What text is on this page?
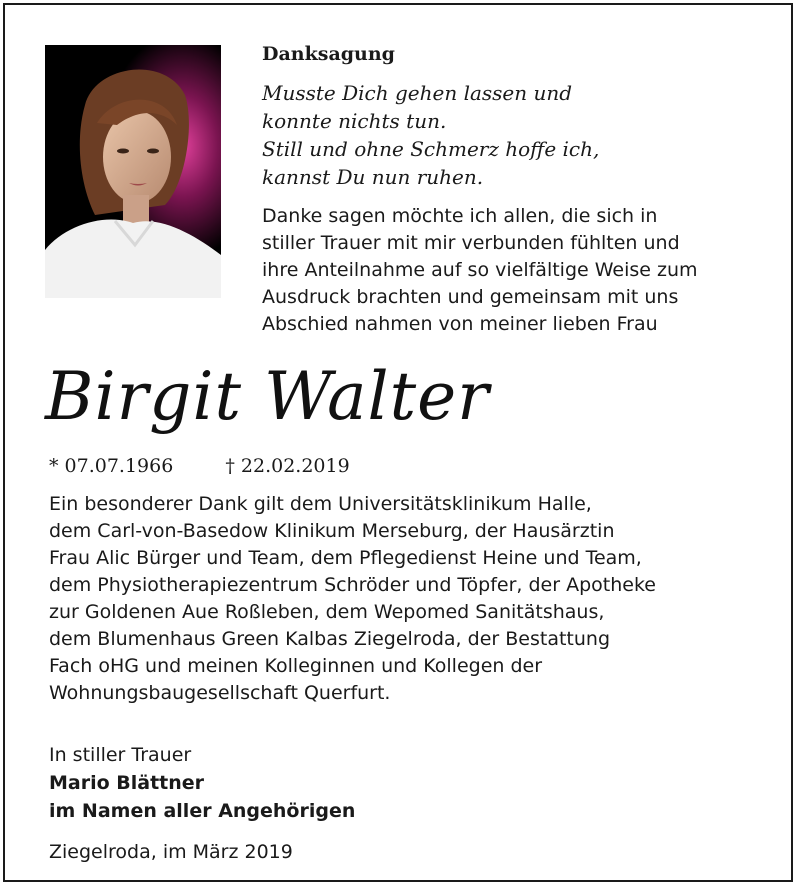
Danksagung
Musste Dich gehen lassen und
konnte nichts tun.
Still und ohne Schmerz hoffe ich,
kannst Du nun ruhen.
Danke sagen möchte ich allen, die sich in
stiller Trauer mit mir verbunden fühlten und
ihre Anteilnahme auf so vielfältige Weise zum
Ausdruck brachten und gemeinsam mit uns
Abschied nahmen von meiner lieben Frau
Birgit Walter
* 07.07.1966	† 22.02.2019
Ein besonderer Dank gilt dem Universitätsklinikum Halle,
dem Carl-von-Basedow Klinikum Merseburg, der Hausärztin
Frau Alic Bürger und Team, dem Pflegedienst Heine und Team,
dem Physiotherapiezentrum Schröder und Töpfer, der Apotheke
zur Goldenen Aue Roßleben, dem Wepomed Sanitätshaus,
dem Blumenhaus Green Kalbas Ziegelroda, der Bestattung
Fach oHG und meinen Kolleginnen und Kollegen der
Wohnungsbaugesellschaft Querfurt.
In stiller Trauer
Mario Blättner
im Namen aller Angehörigen
Ziegelroda, im März 2019
